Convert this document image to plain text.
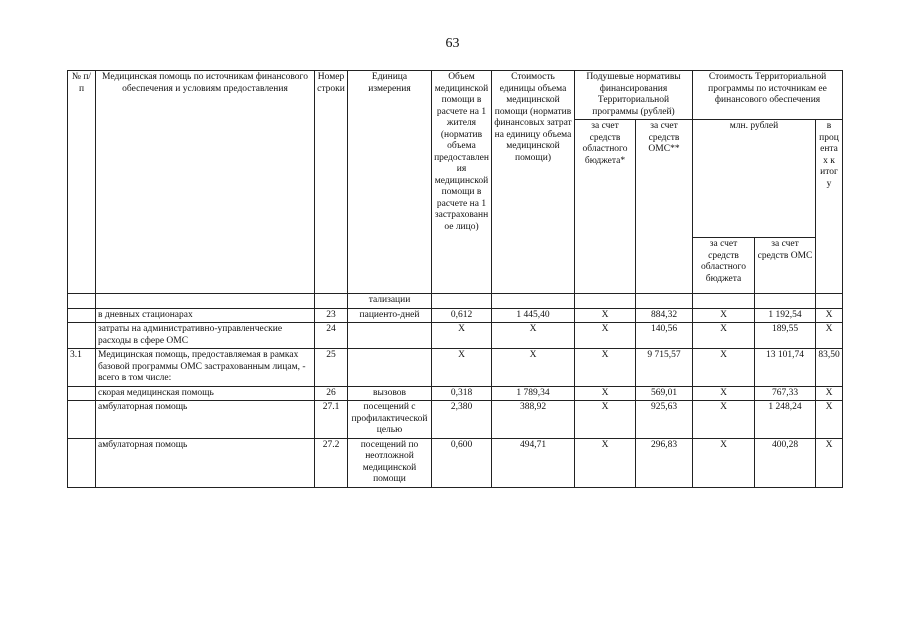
63
№ п/п	Медицинская помощь по источникам финансового обеспечения и условиям предоставления	Номер строки	Единица измерения	Объем медицинской помощи в расчете на 1 жителя (норматив объема предоставления медицинской помощи в расчете на 1 застрахованное лицо)	Стоимость единицы объема медицинской помощи (норматив финансовых затрат на единицу объема медицинской помощи)	Подушевые нормативы финансирования Территориальной программы (рублей)		Стоимость Территориальной программы по источникам ее финансового обеспечения		
						за счет средств областного бюджета*	за счет средств ОМС**	млн. рублей		в процентах к итогу
								за счет средств областного бюджета	за счет средств ОМС	
			тализации							
	в дневных стационарах	23	пациенто-дней	0,612	1 445,40	X	884,32	X	1 192,54	X
	затраты на административно-управленческие расходы в сфере ОМС	24		X	X	X	140,56	X	189,55	X
3.1	Медицинская помощь, предоставляемая в рамках базовой программы ОМС застрахованным лицам, - всего в том числе:	25		X	X	X	9 715,57	X	13 101,74	83,50
	скорая медицинская помощь	26	вызовов	0,318	1 789,34	X	569,01	X	767,33	X
	амбулаторная помощь	27.1	посещений с профилактической целью	2,380	388,92	X	925,63	X	1 248,24	X
	амбулаторная помощь	27.2	посещений по неотложной медицинской помощи	0,600	494,71	X	296,83	X	400,28	X
